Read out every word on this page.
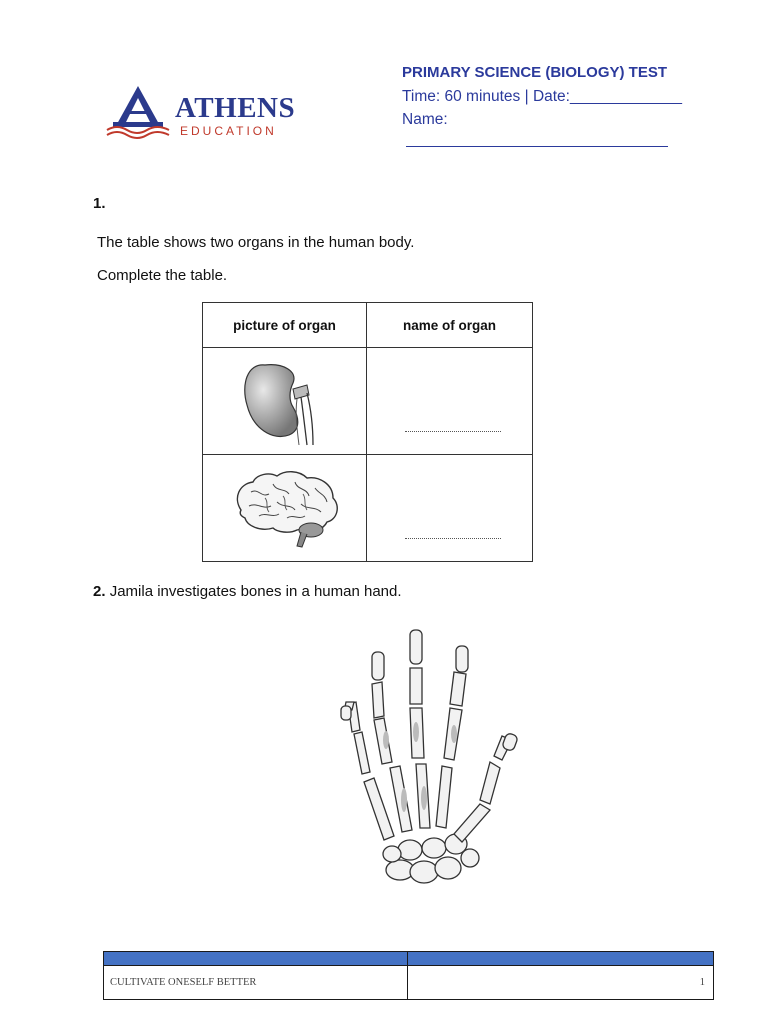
ATHENS
EDUCATION
PRIMARY SCIENCE (BIOLOGY) TEST
Time: 60 minutes | Date:_____________
Name:
1.
The table shows two organs in the human body.
Complete the table.
picture of organ	name of organ

2. Jamila investigates bones in a human hand.

CULTIVATE ONESELF BETTER	1
